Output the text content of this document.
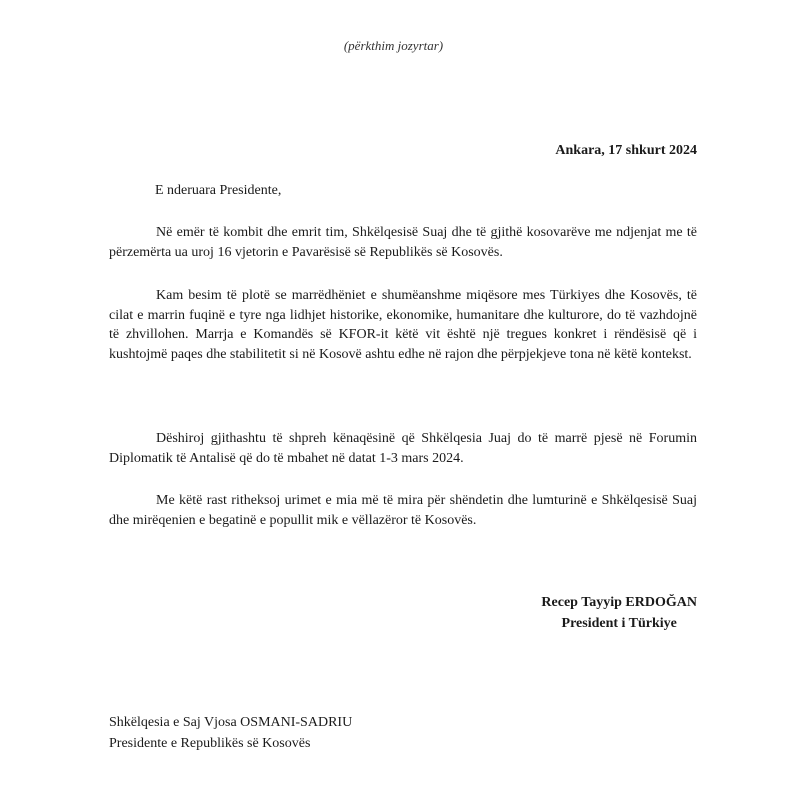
(përkthim jozyrtar)
Ankara, 17 shkurt 2024
E nderuara Presidente,
Në emër të kombit dhe emrit tim, Shkëlqesisë Suaj dhe të gjithë kosovarëve me ndjenjat me të përzemërta ua uroj 16 vjetorin e Pavarësisë së Republikës së Kosovës.
Kam besim të plotë se marrëdhëniet e shumëanshme miqësore mes Türkiyes dhe Kosovës, të cilat e marrin fuqinë e tyre nga lidhjet historike, ekonomike, humanitare dhe kulturore, do të vazhdojnë të zhvillohen. Marrja e Komandës së KFOR-it këtë vit është një tregues konkret i rëndësisë që i kushtojmë paqes dhe stabilitetit si në Kosovë ashtu edhe në rajon dhe përpjekjeve tona në këtë kontekst.
Dëshiroj gjithashtu të shpreh kënaqësinë që Shkëlqesia Juaj do të marrë pjesë në Forumin Diplomatik të Antalisë që do të mbahet në datat 1-3 mars 2024.
Me këtë rast ritheksoj urimet e mia më të mira për shëndetin dhe lumturinë e Shkëlqesisë Suaj dhe mirëqenien e begatinë e popullit mik e vëllazëror të Kosovës.
Recep Tayyip ERDOĞAN
President i Türkiye
Shkëlqesia e Saj Vjosa OSMANI-SADRIU
Presidente e Republikës së Kosovës
